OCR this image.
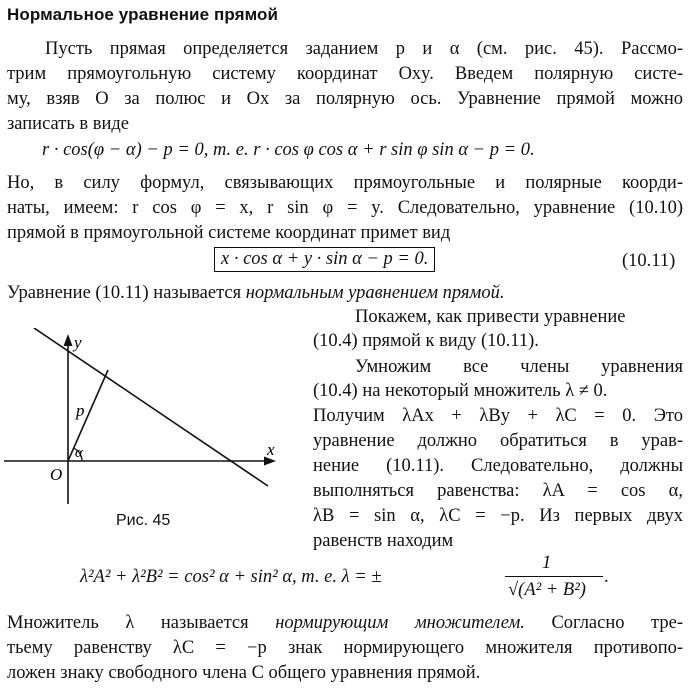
Нормальное уравнение прямой
Пусть прямая определяется заданием p и α (см. рис. 45). Рассмо-
трим прямоугольную систему координат Oxy. Введем полярную систе-
му, взяв O за полюс и Ox за полярную ось. Уравнение прямой можно
записать в виде
r · cos(φ − α) − p = 0, т. е. r · cos φ cos α + r sin φ sin α − p = 0.
Но, в силу формул, связывающих прямоугольные и полярные коорди-
наты, имеем: r cos φ = x, r sin φ = y. Следовательно, уравнение (10.10)
прямой в прямоугольной системе координат примет вид
x · cos α + y · sin α − p = 0.	(10.11)
Уравнение (10.11) называется нормальным уравнением прямой.
y
x
O
p
α
Рис. 45
Покажем, как привести уравнение
(10.4) прямой к виду (10.11).
Умножим все члены уравнения
(10.4) на некоторый множитель λ ≠ 0.
Получим λAx + λBy + λC = 0. Это
уравнение должно обратиться в урав-
нение (10.11). Следовательно, должны
выполняться равенства: λA = cos α,
λB = sin α, λC = −p. Из первых двух
равенств находим
λ²A² + λ²B² = cos² α + sin² α, т. е. λ = ±
1
√(A² + B²)
.
Множитель λ называется нормирующим множителем. Согласно тре-
тьему равенству λC = −p знак нормирующего множителя противопо-
ложен знаку свободного члена C общего уравнения прямой.
